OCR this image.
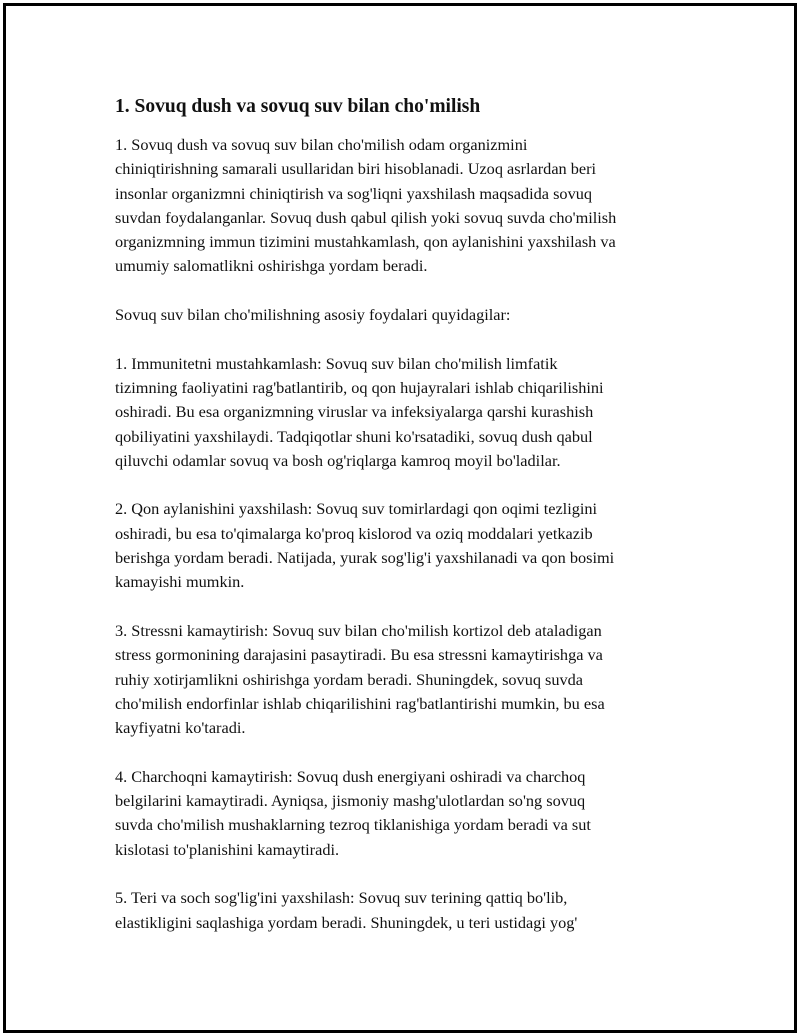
1. Sovuq dush va sovuq suv bilan cho'milish

1. Sovuq dush va sovuq suv bilan cho'milish odam organizmini
chiniqtirishning samarali usullaridan biri hisoblanadi. Uzoq asrlardan beri
insonlar organizmni chiniqtirish va sog'liqni yaxshilash maqsadida sovuq
suvdan foydalanganlar. Sovuq dush qabul qilish yoki sovuq suvda cho'milish
organizmning immun tizimini mustahkamlash, qon aylanishini yaxshilash va
umumiy salomatlikni oshirishga yordam beradi.

Sovuq suv bilan cho'milishning asosiy foydalari quyidagilar:

1. Immunitetni mustahkamlash: Sovuq suv bilan cho'milish limfatik
tizimning faoliyatini rag'batlantirib, oq qon hujayralari ishlab chiqarilishini
oshiradi. Bu esa organizmning viruslar va infeksiyalarga qarshi kurashish
qobiliyatini yaxshilaydi. Tadqiqotlar shuni ko'rsatadiki, sovuq dush qabul
qiluvchi odamlar sovuq va bosh og'riqlarga kamroq moyil bo'ladilar.

2. Qon aylanishini yaxshilash: Sovuq suv tomirlardagi qon oqimi tezligini
oshiradi, bu esa to'qimalarga ko'proq kislorod va oziq moddalari yetkazib
berishga yordam beradi. Natijada, yurak sog'lig'i yaxshilanadi va qon bosimi
kamayishi mumkin.

3. Stressni kamaytirish: Sovuq suv bilan cho'milish kortizol deb ataladigan
stress gormonining darajasini pasaytiradi. Bu esa stressni kamaytirishga va
ruhiy xotirjamlikni oshirishga yordam beradi. Shuningdek, sovuq suvda
cho'milish endorfinlar ishlab chiqarilishini rag'batlantirishi mumkin, bu esa
kayfiyatni ko'taradi.

4. Charchoqni kamaytirish: Sovuq dush energiyani oshiradi va charchoq
belgilarini kamaytiradi. Ayniqsa, jismoniy mashg'ulotlardan so'ng sovuq
suvda cho'milish mushaklarning tezroq tiklanishiga yordam beradi va sut
kislotasi to'planishini kamaytiradi.

5. Teri va soch sog'lig'ini yaxshilash: Sovuq suv terining qattiq bo'lib,
elastikligini saqlashiga yordam beradi. Shuningdek, u teri ustidagi yog'
